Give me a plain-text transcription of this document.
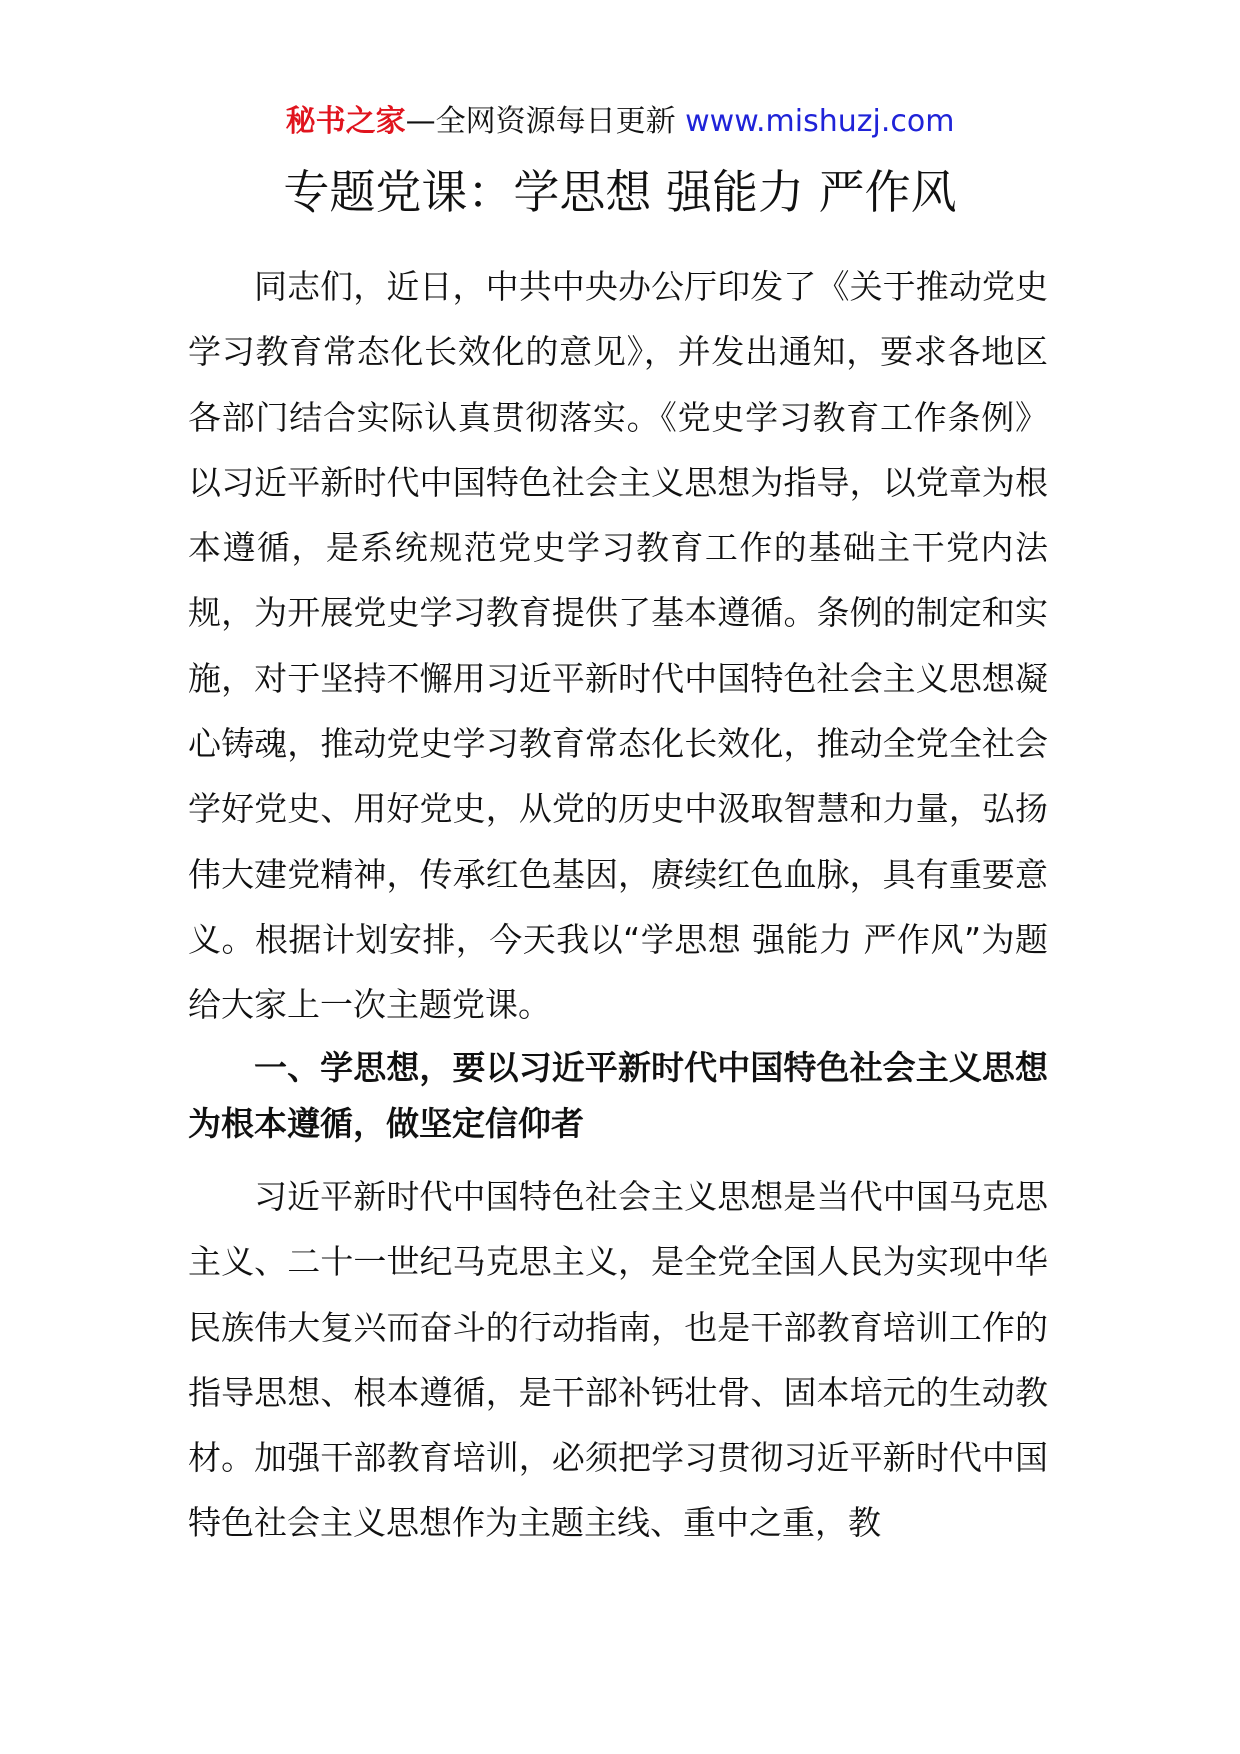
秘书之家—全网资源每日更新 www.mishuzj.com
专题党课：学思想 强能力 严作风

同志们，近日，中共中央办公厅印发了《关于推动党史学习教育常态化长效化的意见》，并发出通知，要求各地区各部门结合实际认真贯彻落实。《党史学习教育工作条例》以习近平新时代中国特色社会主义思想为指导，以党章为根本遵循，是系统规范党史学习教育工作的基础主干党内法规，为开展党史学习教育提供了基本遵循。条例的制定和实施，对于坚持不懈用习近平新时代中国特色社会主义思想凝心铸魂，推动党史学习教育常态化长效化，推动全党全社会学好党史、用好党史，从党的历史中汲取智慧和力量，弘扬伟大建党精神，传承红色基因，赓续红色血脉，具有重要意义。根据计划安排，今天我以“学思想 强能力 严作风”为题给大家上一次主题党课。

一、学思想，要以习近平新时代中国特色社会主义思想为根本遵循，做坚定信仰者

习近平新时代中国特色社会主义思想是当代中国马克思主义、二十一世纪马克思主义，是全党全国人民为实现中华民族伟大复兴而奋斗的行动指南，也是干部教育培训工作的指导思想、根本遵循，是干部补钙壮骨、固本培元的生动教材。加强干部教育培训，必须把学习贯彻习近平新时代中国特色社会主义思想作为主题主线、重中之重，教
